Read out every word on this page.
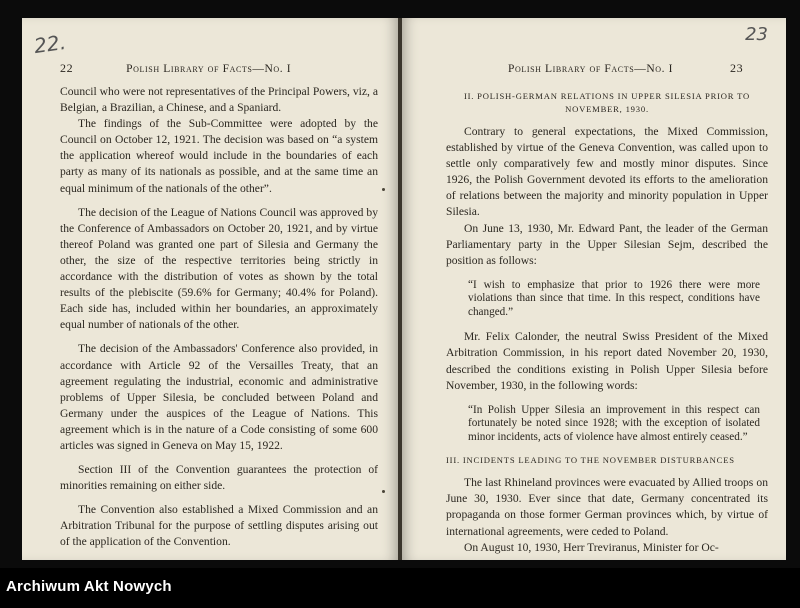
22.
22	Polish Library of Facts—No. I

Council who were not representatives of the Principal Powers, viz, a Belgian, a Brazilian, a Chinese, and a Spaniard.

The findings of the Sub-Committee were adopted by the Council on October 12, 1921. The decision was based on “a system the application whereof would include in the boundaries of each party as many of its nationals as possible, and at the same time an equal minimum of the nationals of the other”.

The decision of the League of Nations Council was approved by the Conference of Ambassadors on October 20, 1921, and by virtue thereof Poland was granted one part of Silesia and Germany the other, the size of the respective territories being strictly in accordance with the distribution of votes as shown by the total results of the plebiscite (59.6% for Germany; 40.4% for Poland). Each side has, included within her boundaries, an approximately equal number of nationals of the other.

The decision of the Ambassadors' Conference also provided, in accordance with Article 92 of the Versailles Treaty, that an agreement regulating the industrial, economic and administrative problems of Upper Silesia, be concluded between Poland and Germany under the auspices of the League of Nations. This agreement which is in the nature of a Code consisting of some 600 articles was signed in Geneva on May 15, 1922.

Section III of the Convention guarantees the protection of minorities remaining on either side.

The Convention also established a Mixed Commission and an Arbitration Tribunal for the purpose of settling disputes arising out of the application of the Convention.

23
Polish Library of Facts—No. I	23
II. POLISH-GERMAN RELATIONS IN UPPER SILESIA PRIOR TO NOVEMBER, 1930.

Contrary to general expectations, the Mixed Commission, established by virtue of the Geneva Convention, was called upon to settle only comparatively few and mostly minor disputes. Since 1926, the Polish Government devoted its efforts to the amelioration of relations between the majority and minority population in Upper Silesia.

On June 13, 1930, Mr. Edward Pant, the leader of the German Parliamentary party in the Upper Silesian Sejm, described the position as follows:

“I wish to emphasize that prior to 1926 there were more violations than since that time. In this respect, conditions have changed.”

Mr. Felix Calonder, the neutral Swiss President of the Mixed Arbitration Commission, in his report dated November 20, 1930, described the conditions existing in Polish Upper Silesia before November, 1930, in the following words:

“In Polish Upper Silesia an improvement in this respect can fortunately be noted since 1928; with the exception of isolated minor incidents, acts of violence have almost entirely ceased.”
III. INCIDENTS LEADING TO THE NOVEMBER DISTURBANCES

The last Rhineland provinces were evacuated by Allied troops on June 30, 1930. Ever since that date, Germany concentrated its propaganda on those former German provinces which, by virtue of international agreements, were ceded to Poland.

On August 10, 1930, Herr Treviranus, Minister for Oc-

Archiwum Akt Nowych
